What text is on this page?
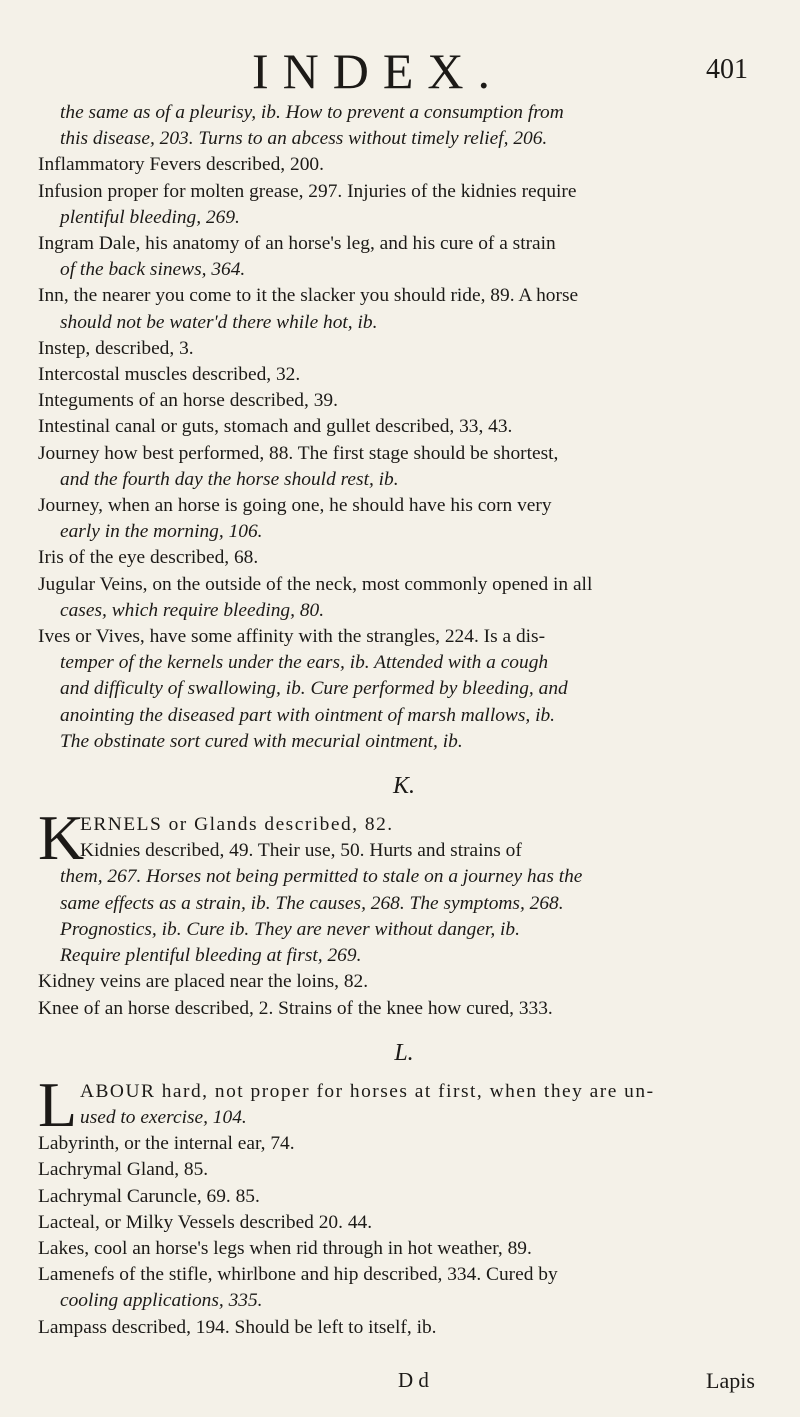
INDEX.	401

the same as of a pleurisy, ib. How to prevent a consumption from

this disease, 203. Turns to an abcess without timely relief, 206.

Inflammatory Fevers described, 200.

Infusion proper for molten grease, 297. Injuries of the kidnies require

plentiful bleeding, 269.

Ingram Dale, his anatomy of an horse's leg, and his cure of a strain

of the back sinews, 364.

Inn, the nearer you come to it the slacker you should ride, 89. A horse

should not be water'd there while hot, ib.

Instep, described, 3.

Intercostal muscles described, 32.

Integuments of an horse described, 39.

Intestinal canal or guts, stomach and gullet described, 33, 43.

Journey how best performed, 88. The first stage should be shortest,

and the fourth day the horse should rest, ib.

Journey, when an horse is going one, he should have his corn very

early in the morning, 106.

Iris of the eye described, 68.

Jugular Veins, on the outside of the neck, most commonly opened in all

cases, which require bleeding, 80.

Ives or Vives, have some affinity with the strangles, 224. Is a dis-

temper of the kernels under the ears, ib. Attended with a cough

and difficulty of swallowing, ib. Cure performed by bleeding, and

anointing the diseased part with ointment of marsh mallows, ib.

The obstinate sort cured with mecurial ointment, ib.

K.

K
ERNELS or Glands described, 82.

Kidnies described, 49. Their use, 50. Hurts and strains of

them, 267. Horses not being permitted to stale on a journey has the

same effects as a strain, ib. The causes, 268. The symptoms, 268.

Prognostics, ib. Cure ib. They are never without danger, ib.

Require plentiful bleeding at first, 269.

Kidney veins are placed near the loins, 82.

Knee of an horse described, 2. Strains of the knee how cured, 333.

L.

L ABOUR hard, not proper for horses at first, when they are un-

used to exercise, 104.

Labyrinth, or the internal ear, 74.

Lachrymal Gland, 85.

Lachrymal Caruncle, 69. 85.

Lacteal, or Milky Vessels described 20. 44.

Lakes, cool an horse's legs when rid through in hot weather, 89.

Lamenefs of the stifle, whirlbone and hip described, 334. Cured by

cooling applications, 335.

Lampass described, 194. Should be left to itself, ib.

D d	Lapis
